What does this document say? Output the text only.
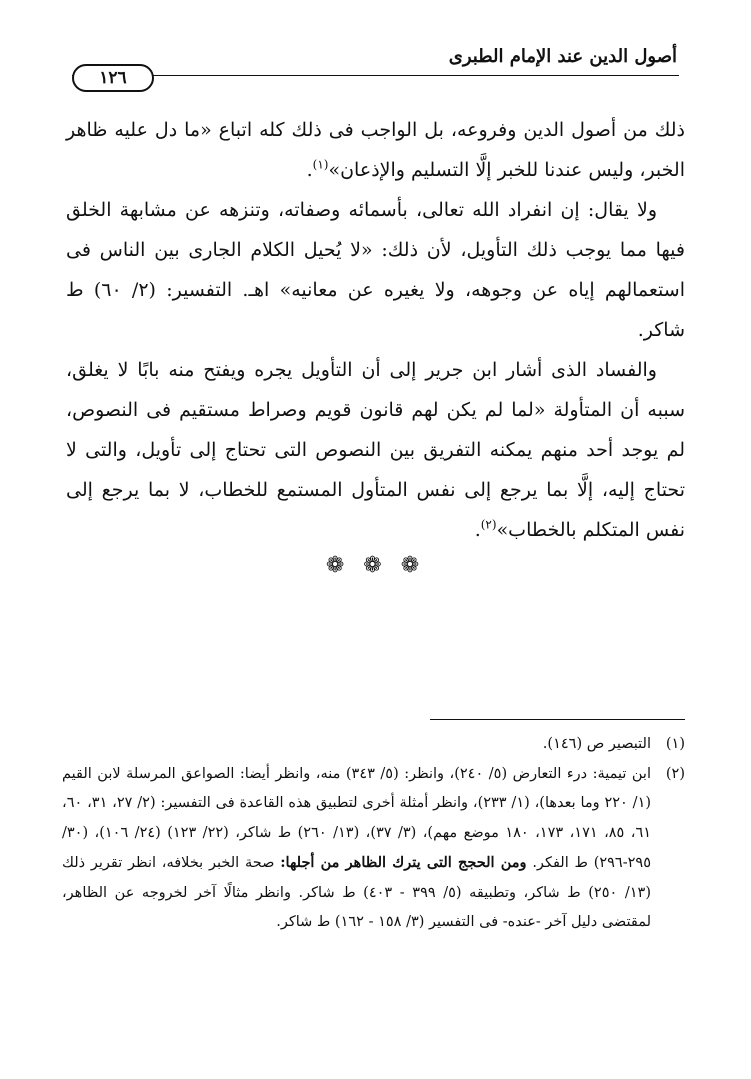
أصول الدين عند الإمام الطبرى
١٢٦

ذلك من أصول الدين وفروعه، بل الواجب فى ذلك كله اتباع «ما دل عليه ظاهر الخبر، وليس عندنا للخبر إلَّا التسليم والإذعان»$^{(١)}$.

ولا يقال: إن انفراد الله تعالى، بأسمائه وصفاته، وتنزهه عن مشابهة الخلق فيها مما يوجب ذلك التأويل، لأن ذلك: «لا يُحيل الكلام الجارى بين الناس فى استعمالهم إياه عن وجوهه، ولا يغيره عن معانيه» اهـ. التفسير: (٢/ ٦٠) ط شاكر.

والفساد الذى أشار ابن جرير إلى أن التأويل يجره ويفتح منه بابًا لا يغلق، سببه أن المتأولة «لما لم يكن لهم قانون قويم وصراط مستقيم فى النصوص، لم يوجد أحد منهم يمكنه التفريق بين النصوص التى تحتاج إلى تأويل، والتى لا تحتاج إليه، إلَّا بما يرجع إلى نفس المتأول المستمع للخطاب، لا بما يرجع إلى نفس المتكلم بالخطاب»$^{(٢)}$.

❁ ❁ ❁
(١)
التبصير ص (١٤٦).
(٢)
ابن تيمية: درء التعارض (٥/ ٢٤٠)، وانظر: (٥/ ٣٤٣) منه، وانظر أيضا: الصواعق المرسلة لابن القيم (١/ ٢٢٠ وما بعدها)، (١/ ٢٣٣)، وانظر أمثلة أخرى لتطبيق هذه القاعدة فى التفسير: (٢/ ٢٧، ٣١، ٦٠، ٦١، ٨٥، ١٧١، ١٧٣، ١٨٠ موضع مهم)، (٣/ ٣٧)، (١٣/ ٢٦٠) ط شاكر، (٢٢/ ١٢٣) (٢٤/ ١٠٦)، (٣٠/ ٢٩٥-٢٩٦) ط الفكر. ومن الحجج التى يترك الظاهر من أجلها: صحة الخبر بخلافه، انظر تقرير ذلك (١٣/ ٢٥٠) ط شاكر، وتطبيقه (٥/ ٣٩٩ - ٤٠٣) ط شاكر. وانظر مثالًا آخر لخروجه عن الظاهر، لمقتضى دليل آخر -عنده- فى التفسير (٣/ ١٥٨ - ١٦٢) ط شاكر.
